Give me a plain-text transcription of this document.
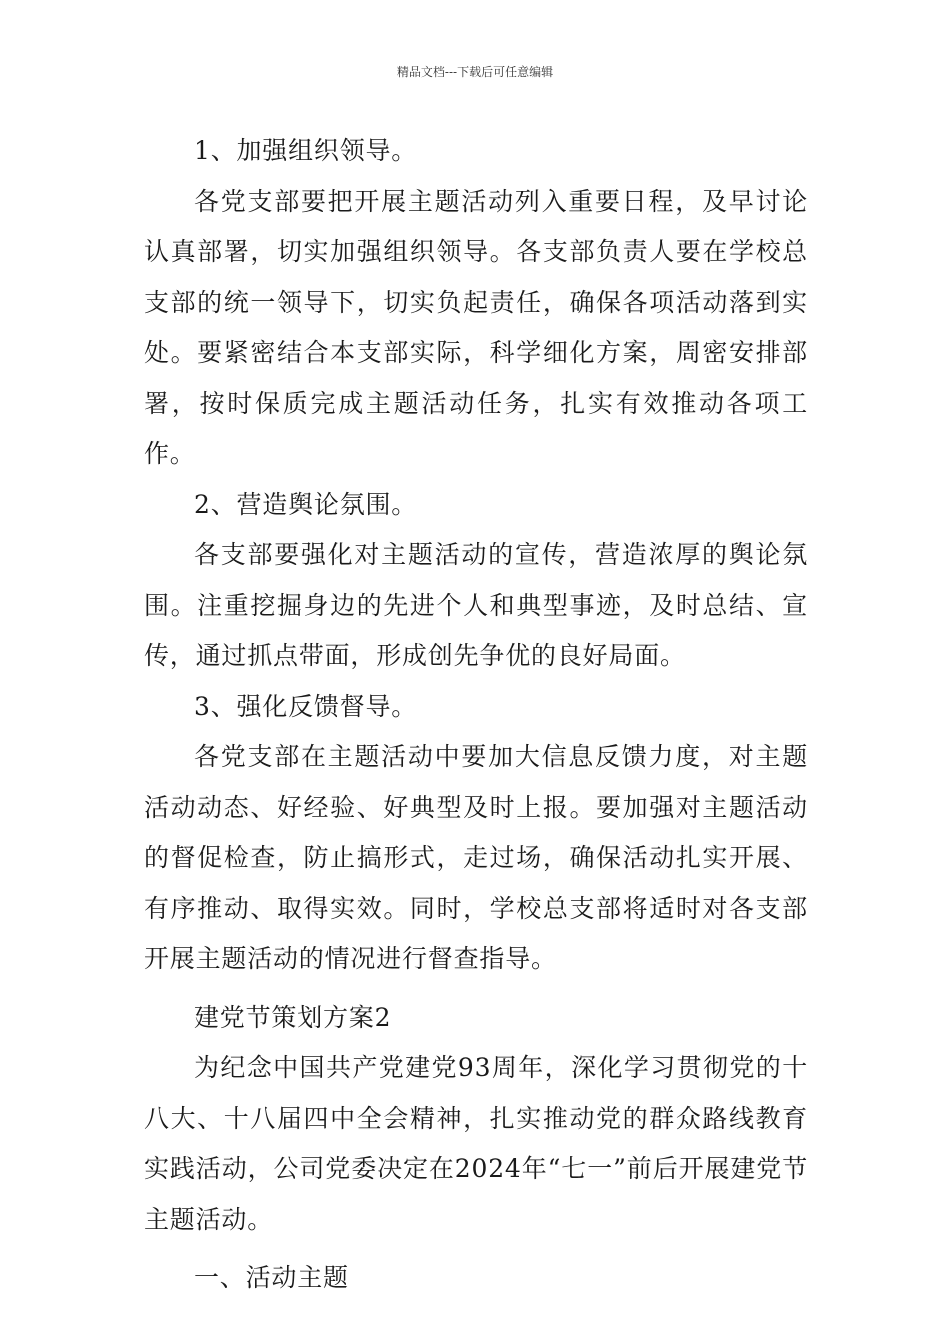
精品文档---下载后可任意编辑

1、加强组织领导。

各党支部要把开展主题活动列入重要日程，及早讨论认真部署，切实加强组织领导。各支部负责人要在学校总支部的统一领导下，切实负起责任，确保各项活动落到实处。要紧密结合本支部实际，科学细化方案，周密安排部署，按时保质完成主题活动任务，扎实有效推动各项工作。

2、营造舆论氛围。

各支部要强化对主题活动的宣传，营造浓厚的舆论氛围。注重挖掘身边的先进个人和典型事迹，及时总结、宣传，通过抓点带面，形成创先争优的良好局面。

3、强化反馈督导。

各党支部在主题活动中要加大信息反馈力度，对主题活动动态、好经验、好典型及时上报。要加强对主题活动的督促检查，防止搞形式，走过场，确保活动扎实开展、有序推动、取得实效。同时，学校总支部将适时对各支部开展主题活动的情况进行督查指导。

建党节策划方案2

为纪念中国共产党建党93周年，深化学习贯彻党的十八大、十八届四中全会精神，扎实推动党的群众路线教育实践活动，公司党委决定在2024年“七一”前后开展建党节主题活动。

一、活动主题
